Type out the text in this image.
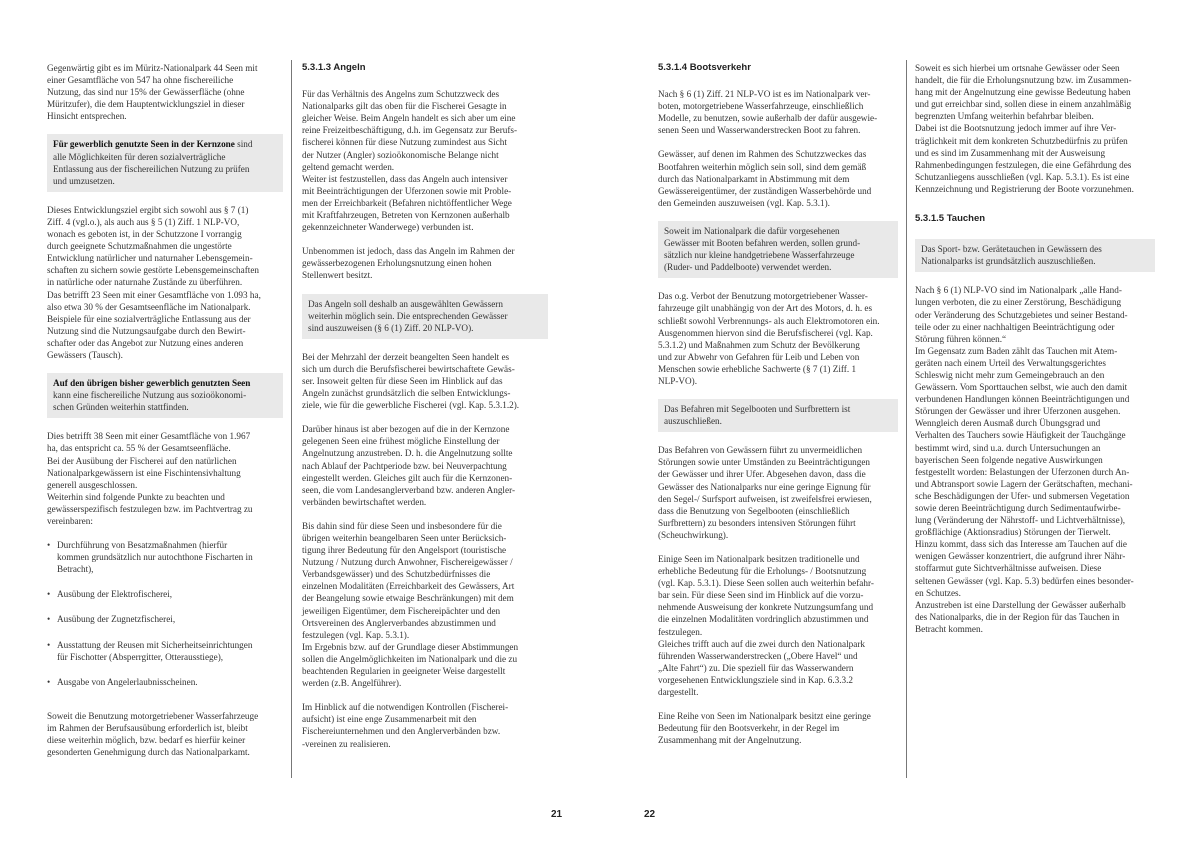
Gegenwärtig gibt es im Müritz-Nationalpark 44 Seen mit
einer Gesamtfläche von 547 ha ohne fischereiliche
Nutzung, das sind nur 15% der Gewässerfläche (ohne
Müritzufer), die dem Hauptentwicklungsziel in dieser
Hinsicht entsprechen.

Für gewerblich genutzte Seen in der Kernzone sind
alle Möglichkeiten für deren sozialverträgliche
Entlassung aus der fischereilichen Nutzung zu prüfen
und umzusetzen.

Dieses Entwicklungsziel ergibt sich sowohl aus § 7 (1)
Ziff. 4 (vgl.o.), als auch aus § 5 (1) Ziff. 1 NLP-VO,
wonach es geboten ist, in der Schutzzone I vorrangig
durch geeignete Schutzmaßnahmen die ungestörte
Entwicklung natürlicher und naturnaher Lebensgemein-
schaften zu sichern sowie gestörte Lebensgemeinschaften
in natürliche oder naturnahe Zustände zu überführen.
Das betrifft 23 Seen mit einer Gesamtfläche von 1.093 ha,
also etwa 30 % der Gesamtseenfläche im Nationalpark.
Beispiele für eine sozialverträgliche Entlassung aus der
Nutzung sind die Nutzungsaufgabe durch den Bewirt-
schafter oder das Angebot zur Nutzung eines anderen
Gewässers (Tausch).

Auf den übrigen bisher gewerblich genutzten Seen
kann eine fischereiliche Nutzung aus sozioökonomi-
schen Gründen weiterhin stattfinden.

Dies betrifft 38 Seen mit einer Gesamtfläche von 1.967
ha, das entspricht ca. 55 % der Gesamtseenfläche.
Bei der Ausübung der Fischerei auf den natürlichen
Nationalparkgewässern ist eine Fischintensivhaltung
generell ausgeschlossen.
Weiterhin sind folgende Punkte zu beachten und
gewässerspezifisch festzulegen bzw. im Pachtvertrag zu
vereinbaren:

• Durchführung von Besatzmaßnahmen (hierfür
kommen grundsätzlich nur autochthone Fischarten in
Betracht),
• Ausübung der Elektrofischerei,
• Ausübung der Zugnetzfischerei,
• Ausstattung der Reusen mit Sicherheitseinrichtungen
für Fischotter (Absperrgitter, Otterausstiege),
• Ausgabe von Angelerlaubnisscheinen.

Soweit die Benutzung motorgetriebener Wasserfahrzeuge
im Rahmen der Berufsausübung erforderlich ist, bleibt
diese weiterhin möglich, bzw. bedarf es hierfür keiner
gesonderten Genehmigung durch das Nationalparkamt.

5.3.1.3 Angeln

Für das Verhältnis des Angelns zum Schutzzweck des
Nationalparks gilt das oben für die Fischerei Gesagte in
gleicher Weise. Beim Angeln handelt es sich aber um eine
reine Freizeitbeschäftigung, d.h. im Gegensatz zur Berufs-
fischerei können für diese Nutzung zumindest aus Sicht
der Nutzer (Angler) sozioökonomische Belange nicht
geltend gemacht werden.
Weiter ist festzustellen, dass das Angeln auch intensiver
mit Beeinträchtigungen der Uferzonen sowie mit Proble-
men der Erreichbarkeit (Befahren nichtöffentlicher Wege
mit Kraftfahrzeugen, Betreten von Kernzonen außerhalb
gekennzeichneter Wanderwege) verbunden ist.

Unbenommen ist jedoch, dass das Angeln im Rahmen der
gewässerbezogenen Erholungsnutzung einen hohen
Stellenwert besitzt.

Das Angeln soll deshalb an ausgewählten Gewässern
weiterhin möglich sein. Die entsprechenden Gewässer
sind auszuweisen (§ 6 (1) Ziff. 20 NLP-VO).

Bei der Mehrzahl der derzeit beangelten Seen handelt es
sich um durch die Berufsfischerei bewirtschaftete Gewäs-
ser. Insoweit gelten für diese Seen im Hinblick auf das
Angeln zunächst grundsätzlich die selben Entwicklungs-
ziele, wie für die gewerbliche Fischerei (vgl. Kap. 5.3.1.2).

Darüber hinaus ist aber bezogen auf die in der Kernzone
gelegenen Seen eine frühest mögliche Einstellung der
Angelnutzung anzustreben. D. h. die Angelnutzung sollte
nach Ablauf der Pachtperiode bzw. bei Neuverpachtung
eingestellt werden. Gleiches gilt auch für die Kernzonen-
seen, die vom Landesanglerverband bzw. anderen Angler-
verbänden bewirtschaftet werden.

Bis dahin sind für diese Seen und insbesondere für die
übrigen weiterhin beangelbaren Seen unter Berücksich-
tigung ihrer Bedeutung für den Angelsport (touristische
Nutzung / Nutzung durch Anwohner, Fischereigewässer /
Verbandsgewässer) und des Schutzbedürfnisses die
einzelnen Modalitäten (Erreichbarkeit des Gewässers, Art
der Beangelung sowie etwaige Beschränkungen) mit dem
jeweiligen Eigentümer, dem Fischereipächter und den
Ortsvereinen des Anglerverbandes abzustimmen und
festzulegen (vgl. Kap. 5.3.1).
Im Ergebnis bzw. auf der Grundlage dieser Abstimmungen
sollen die Angelmöglichkeiten im Nationalpark und die zu
beachtenden Regularien in geeigneter Weise dargestellt
werden (z.B. Angelführer).

Im Hinblick auf die notwendigen Kontrollen (Fischerei-
aufsicht) ist eine enge Zusammenarbeit mit den
Fischereiunternehmen und den Anglerverbänden bzw.
-vereinen zu realisieren.

5.3.1.4 Bootsverkehr

Nach § 6 (1) Ziff. 21 NLP-VO ist es im Nationalpark ver-
boten, motorgetriebene Wasserfahrzeuge, einschließlich
Modelle, zu benutzen, sowie außerhalb der dafür ausgewie-
senen Seen und Wasserwanderstrecken Boot zu fahren.

Gewässer, auf denen im Rahmen des Schutzzweckes das
Bootfahren weiterhin möglich sein soll, sind dem gemäß
durch das Nationalparkamt in Abstimmung mit dem
Gewässereigentümer, der zuständigen Wasserbehörde und
den Gemeinden auszuweisen (vgl. Kap. 5.3.1).

Soweit im Nationalpark die dafür vorgesehenen
Gewässer mit Booten befahren werden, sollen grund-
sätzlich nur kleine handgetriebene Wasserfahrzeuge
(Ruder- und Paddelboote) verwendet werden.

Das o.g. Verbot der Benutzung motorgetriebener Wasser-
fahrzeuge gilt unabhängig von der Art des Motors, d. h. es
schließt sowohl Verbrennungs- als auch Elektromotoren ein.
Ausgenommen hiervon sind die Berufsfischerei (vgl. Kap.
5.3.1.2) und Maßnahmen zum Schutz der Bevölkerung
und zur Abwehr von Gefahren für Leib und Leben von
Menschen sowie erhebliche Sachwerte (§ 7 (1) Ziff. 1
NLP-VO).

Das Befahren mit Segelbooten und Surfbrettern ist
auszuschließen.

Das Befahren von Gewässern führt zu unvermeidlichen
Störungen sowie unter Umständen zu Beeinträchtigungen
der Gewässer und ihrer Ufer. Abgesehen davon, dass die
Gewässer des Nationalparks nur eine geringe Eignung für
den Segel-/ Surfsport aufweisen, ist zweifelsfrei erwiesen,
dass die Benutzung von Segelbooten (einschließlich
Surfbrettern) zu besonders intensiven Störungen führt
(Scheuchwirkung).

Einige Seen im Nationalpark besitzen traditionelle und
erhebliche Bedeutung für die Erholungs- / Bootsnutzung
(vgl. Kap. 5.3.1). Diese Seen sollen auch weiterhin befahr-
bar sein. Für diese Seen sind im Hinblick auf die vorzu-
nehmende Ausweisung der konkrete Nutzungsumfang und
die einzelnen Modalitäten vordringlich abzustimmen und
festzulegen.
Gleiches trifft auch auf die zwei durch den Nationalpark
führenden Wasserwanderstrecken („Obere Havel“ und
„Alte Fahrt“) zu. Die speziell für das Wasserwandern
vorgesehenen Entwicklungsziele sind in Kap. 6.3.3.2
dargestellt.

Eine Reihe von Seen im Nationalpark besitzt eine geringe
Bedeutung für den Bootsverkehr, in der Regel im
Zusammenhang mit der Angelnutzung.

Soweit es sich hierbei um ortsnahe Gewässer oder Seen
handelt, die für die Erholungsnutzung bzw. im Zusammen-
hang mit der Angelnutzung eine gewisse Bedeutung haben
und gut erreichbar sind, sollen diese in einem anzahlmäßig
begrenzten Umfang weiterhin befahrbar bleiben.
Dabei ist die Bootsnutzung jedoch immer auf ihre Ver-
träglichkeit mit dem konkreten Schutzbedürfnis zu prüfen
und es sind im Zusammenhang mit der Ausweisung
Rahmenbedingungen festzulegen, die eine Gefährdung des
Schutzanliegens ausschließen (vgl. Kap. 5.3.1). Es ist eine
Kennzeichnung und Registrierung der Boote vorzunehmen.

5.3.1.5 Tauchen
Das Sport- bzw. Gerätetauchen in Gewässern des
Nationalparks ist grundsätzlich auszuschließen.

Nach § 6 (1) NLP-VO sind im Nationalpark „alle Hand-
lungen verboten, die zu einer Zerstörung, Beschädigung
oder Veränderung des Schutzgebietes und seiner Bestand-
teile oder zu einer nachhaltigen Beeinträchtigung oder
Störung führen können.“
Im Gegensatz zum Baden zählt das Tauchen mit Atem-
geräten nach einem Urteil des Verwaltungsgerichtes
Schleswig nicht mehr zum Gemeingebrauch an den
Gewässern. Vom Sporttauchen selbst, wie auch den damit
verbundenen Handlungen können Beeinträchtigungen und
Störungen der Gewässer und ihrer Uferzonen ausgehen.
Wenngleich deren Ausmaß durch Übungsgrad und
Verhalten des Tauchers sowie Häufigkeit der Tauchgänge
bestimmt wird, sind u.a. durch Untersuchungen an
bayerischen Seen folgende negative Auswirkungen
festgestellt worden: Belastungen der Uferzonen durch An-
und Abtransport sowie Lagern der Gerätschaften, mechani-
sche Beschädigungen der Ufer- und submersen Vegetation
sowie deren Beeinträchtigung durch Sedimentaufwirbe-
lung (Veränderung der Nährstoff- und Lichtverhältnisse),
großflächige (Aktionsradius) Störungen der Tierwelt.
Hinzu kommt, dass sich das Interesse am Tauchen auf die
wenigen Gewässer konzentriert, die aufgrund ihrer Nähr-
stoffarmut gute Sichtverhältnisse aufweisen. Diese
seltenen Gewässer (vgl. Kap. 5.3) bedürfen eines besonder-
en Schutzes.
Anzustreben ist eine Darstellung der Gewässer außerhalb
des Nationalparks, die in der Region für das Tauchen in
Betracht kommen.

21	22
